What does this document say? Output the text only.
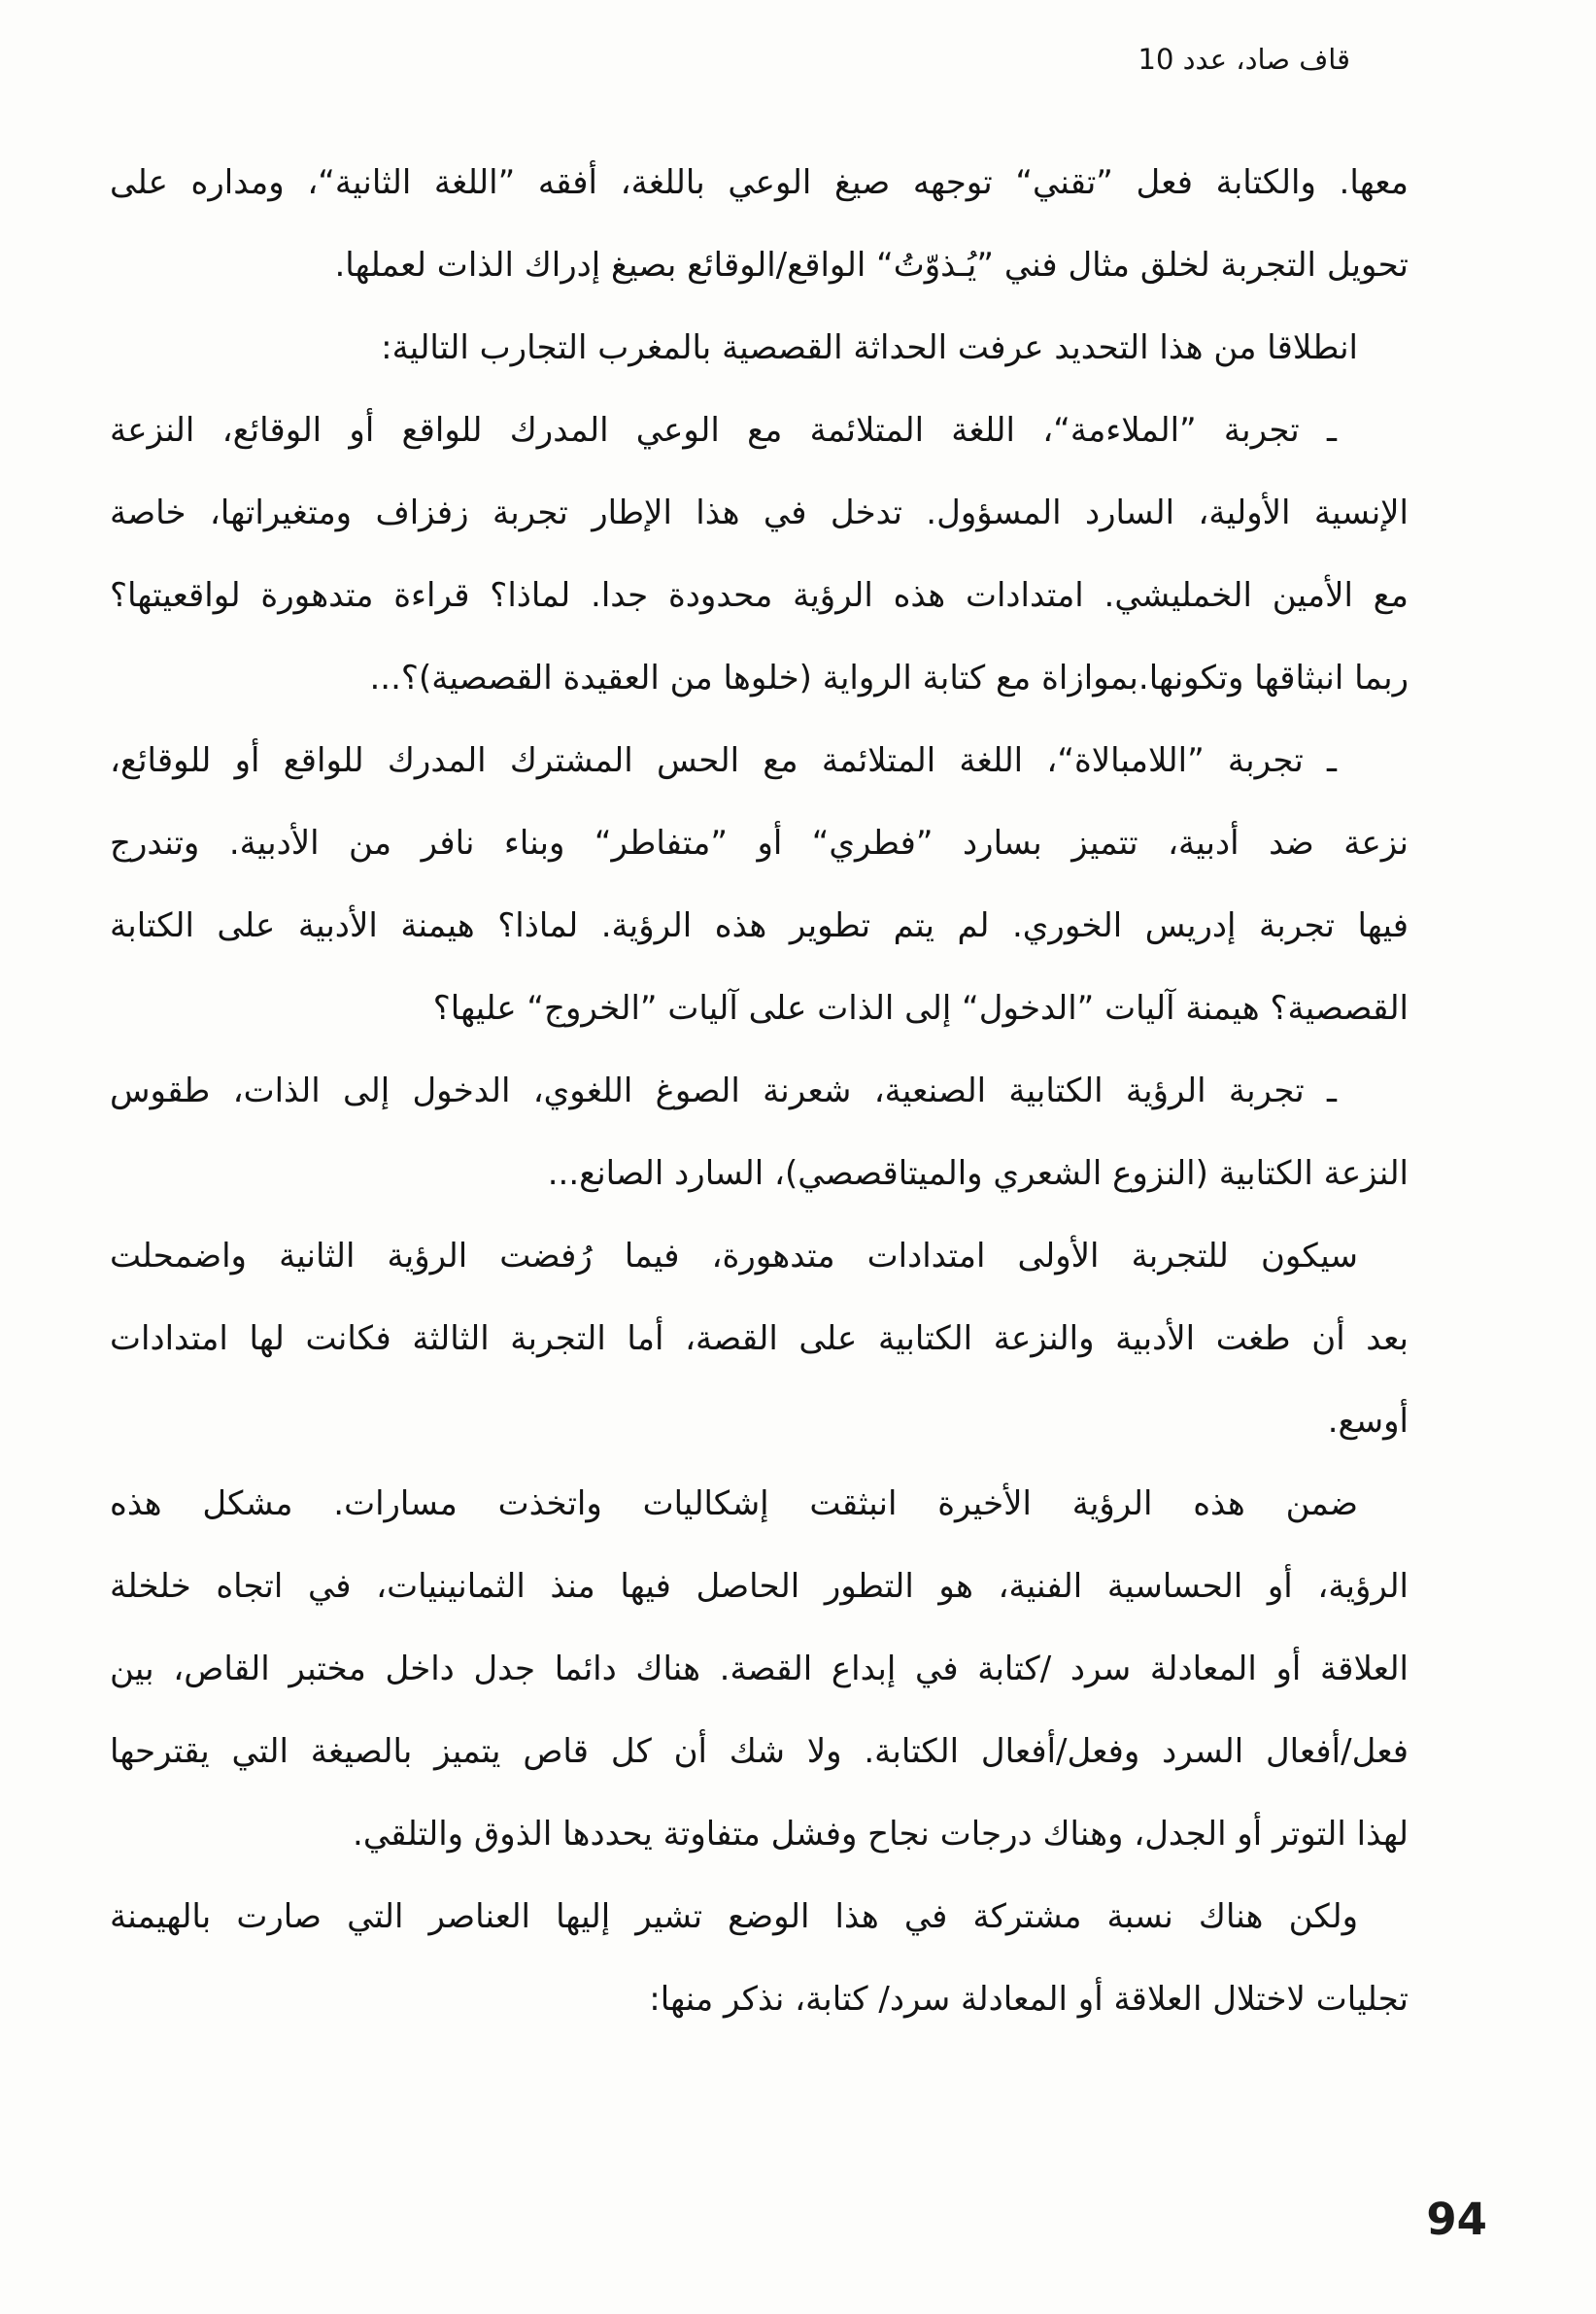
قاف صاد، عدد 10
معها. والكتابة فعل ”تقني“ توجهه صيغ الوعي باللغة، أفقه ”اللغة الثانية“، ومداره على
تحويل التجربة لخلق مثال فني ”يُـذوّتُ“ الواقع/الوقائع بصيغ إدراك الذات لعملها.
انطلاقا من هذا التحديد عرفت الحداثة القصصية بالمغرب التجارب التالية:
ـ تجربة ”الملاءمة“، اللغة المتلائمة مع الوعي المدرك للواقع أو الوقائع، النزعة
الإنسية الأولية، السارد المسؤول. تدخل في هذا الإطار تجربة زفزاف ومتغيراتها، خاصة
مع الأمين الخمليشي. امتدادات هذه الرؤية محدودة جدا. لماذا؟ قراءة متدهورة لواقعيتها؟
ربما انبثاقها وتكونها.بموازاة مع كتابة الرواية (خلوها من العقيدة القصصية)؟...
ـ تجربة ”اللامبالاة“، اللغة المتلائمة مع الحس المشترك المدرك للواقع أو للوقائع،
نزعة ضد أدبية، تتميز بسارد ”فطري“ أو ”متفاطر“ وبناء نافر من الأدبية. وتندرج
فيها تجربة إدريس الخوري. لم يتم تطوير هذه الرؤية. لماذا؟ هيمنة الأدبية على الكتابة
القصصية؟ هيمنة آليات ”الدخول“ إلى الذات على آليات ”الخروج“ عليها؟
ـ تجربة الرؤية الكتابية الصنعية، شعرنة الصوغ اللغوي، الدخول إلى الذات، طقوس
النزعة الكتابية (النزوع الشعري والميتاقصصي)، السارد الصانع...
سيكون للتجربة الأولى امتدادات متدهورة، فيما رُفضت الرؤية الثانية واضمحلت
بعد أن طغت الأدبية والنزعة الكتابية على القصة، أما التجربة الثالثة فكانت لها امتدادات
أوسع.
ضمن هذه الرؤية الأخيرة انبثقت إشكاليات واتخذت مسارات. مشكل هذه
الرؤية، أو الحساسية الفنية، هو التطور الحاصل فيها منذ الثمانينيات، في اتجاه خلخلة
العلاقة أو المعادلة سرد /كتابة في إبداع القصة. هناك دائما جدل داخل مختبر القاص، بين
فعل/أفعال السرد وفعل/أفعال الكتابة. ولا شك أن كل قاص يتميز بالصيغة التي يقترحها
لهذا التوتر أو الجدل، وهناك درجات نجاح وفشل متفاوتة يحددها الذوق والتلقي.
ولكن هناك نسبة مشتركة في هذا الوضع تشير إليها العناصر التي صارت بالهيمنة
تجليات لاختلال العلاقة أو المعادلة سرد/ كتابة، نذكر منها:
94
